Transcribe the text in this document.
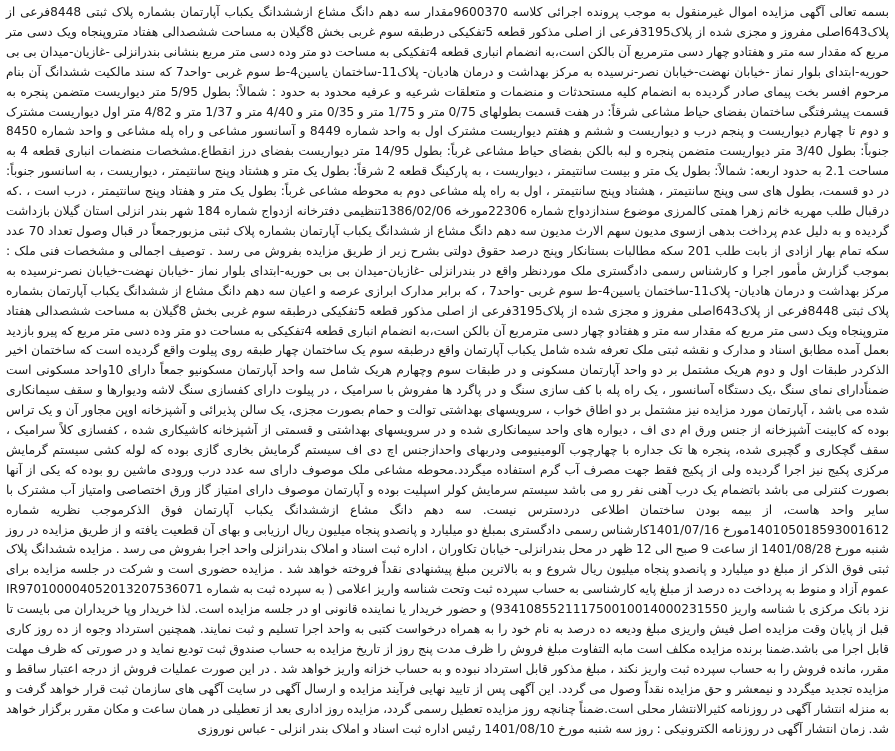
بسمه تعالی آگهی مزایده اموال غیرمنقول به موجب پرونده اجرائی کلاسه 9600370مقدار سه دهم دانگ مشاع ازششدانگ یکباب آپارتمان بشماره پلاک ثبتی 8448فرعی از پلاک643اصلی مفروز و مجزی شده از پلاک3195فرعی از اصلی مذکور قطعه 5تفکیکی درطبقه سوم غربی بخش 8گیلان به مساحت ششصدالی هفتاد متروپنجاه ویک دسی متر مربع که مقدار سه متر و هفتادو چهار دسی مترمربع آن بالکن است،به انضمام انباری قطعه 4تفکیکی به مساحت دو متر وده دسی متر مربع بنشانی بندرانزلی -غازیان-میدان بی بی حوریه-ابتدای بلوار نماز -خیابان نهضت-خیابان نصر-نرسیده به مرکز بهداشت و درمان هادیان- پلاک11-ساختمان یاسین4-ط سوم غربی -واحد7 که سند مالکیت ششدانگ آن بنام مرحوم افسر بخت پیمای صادر گردیده به انضمام کلیه مستحدثات و منضمات و متعلقات شرعیه و عرفیه محدود به حدود : شمالاً: بطول 5/95 متر دیواریست متضمن پنجره به قسمت پیشرفتگی ساختمان بفضای حیاط مشاعی شرقاً: در هفت قسمت بطولهای 0/75 متر و 1/75 متر و 0/35 متر و 4/40 متر و 1/37 متر و 4/82 متر اول دیواریست مشترک و دوم تا چهارم دیواریست و پنجم درب و دیواریست و ششم و هفتم دیواریست مشترک اول به واحد شماره 8449 و آسانسور مشاعی و راه پله مشاعی و واحد شماره 8450 جنوباً: بطول 3/40 متر دیواریست متضمن پنجره و لبه بالکن بفضای حیاط مشاعی غرباً: بطول 14/95 متر دیواریست بفضای درز انقطاع.مشخصات منضمات انباری قطعه 4 به مساحت 2.1 به حدود اربعه: شمالاً: بطول یک متر و بیست سانتیمتر ، دیواریست ، به پارکینگ قطعه 2 شرقاً: بطول یک متر و هشتاد وپنج سانتیمتر ، دیواریست ، به اسانسور جنوباً: در دو قسمت، بطول های سی وپنج سانتیمتر ، هشتاد وپنج سانتیمتر ، اول به راه پله مشاعی دوم به محوطه مشاعی غرباً: بطول یک متر و هفتاد وپنج سانتیمتر ، درب است ، .که درقبال طلب مهریه خانم زهرا همتی کالمرزی موضوع سندازدواج شماره 22306مورخه 1386/02/06تنظیمی دفترخانه ازدواج شماره 184 شهر بندر انزلی استان گیلان بازداشت گردیده و به دلیل عدم پرداخت بدهی ازسوی مدیون سهم الارث مدیون سه دهم دانگ مشاع از ششدانگ یکباب آپارتمان بشماره پلاک ثبتی مزبورجمعاً در قبال وصول تعداد 70 عدد سکه تمام بهار ازادی از بابت طلب 201 سکه مطالبات بستانکار وپنج درصد حقوق دولتی بشرح زیر از طریق مزایده بفروش می رسد . توصیف اجمالی و مشخصات فنی ملک : بموجب گزارش مأمور اجرا و کارشناس رسمی دادگستری ملک موردنظر واقع در بندرانزلی -غازیان-میدان بی بی حوریه-ابتدای بلوار نماز -خیابان نهضت-خیابان نصر-نرسیده به مرکز بهداشت و درمان هادیان- پلاک11-ساختمان یاسین4-ط سوم غربی -واحد7 ، که برابر مدارک ابرازی عرصه و اعیان سه دهم دانگ مشاع از ششدانگ یکباب آپارتمان بشماره پلاک ثبتی 8448فرعی از پلاک643اصلی مفروز و مجزی شده از پلاک3195فرعی از اصلی مذکور قطعه 5تفکیکی درطبقه سوم غربی بخش 8گیلان به مساحت ششصدالی هفتاد متروپنجاه ویک دسی متر مربع که مقدار سه متر و هفتادو چهار دسی مترمربع آن بالکن است،به انضمام انباری قطعه 4تفکیکی به مساحت دو متر وده دسی متر مربع که پیرو بازدید بعمل آمده مطابق اسناد و مدارک و نقشه ثبتی ملک تعرفه شده شامل یکباب آپارتمان واقع درطبقه سوم یک ساختمان چهار طبقه روی پیلوت واقع گردیده است که ساختمان اخیر الذکردر طبقات اول و دوم هریک مشتمل بر دو واحد آپارتمان مسکونی و در طبقات سوم وچهارم هریک شامل سه واحد آپارتمان مسکونیو جمعاً دارای 10واحد مسکونی است ضمناًدارای نمای سنگ ،یک دستگاه آسانسور ، یک راه پله با کف سازی سنگ و در پاگرد ها مفروش با سرامیک ، در پیلوت دارای کفسازی سنگ لاشه ودیوارها و سقف سیمانکاری شده می باشد ، آپارتمان مورد مزایده نیز مشتمل بر دو اطاق خواب ، سرویسهای بهداشتی توالت و حمام بصورت مجزی، یک سالن پذیرائی و آشپزخانه اوپن مجاور آن و یک تراس بوده که کابینت آشپزخانه از جنس ورق ام دی اف ، دیواره های واحد سیمانکاری شده و در سرویسهای بهداشتی و قسمتی از آشپزخانه کاشیکاری شده ، کفسازی کلاً سرامیک ، سقف گچکاری و گچبری شده، پنجره ها تک جداره با چهارچوب آلومینیومی ودربهای واحدازجنس اچ دی اف سیستم گرمایش بخاری گازی بوده که لوله کشی سیستم گرمایش مرکزی پکیج نیز اجرا گردیده ولی از پکیج فقط جهت مصرف آب گرم استفاده میگردد.محوطه مشاعی ملک موصوف دارای سه عدد درب ورودی ماشین رو بوده که یکی از آنها بصورت کنترلی می باشد باتضمام یک درب آهنی نفر رو می باشد سیستم سرمایش کولر اسپلیت بوده و آپارتمان موصوف دارای امتیاز گاز ورق اختصاصی وامتیاز آب مشترک با سایر واحد هاست، از بیمه بودن ساختمان اطلاعی دردسترس نیست. سه دهم دانگ مشاع ازششدانگ یکباب آپارتمان فوق الذکرموجب نظریه شماره 140105018593001612مورخ 1401/07/16کارشناس رسمی دادگستری بمبلغ دو میلیارد و پانصدو پنجاه میلیون ریال ارزیابی و بهای آن قطعیت یافته و از طریق مزایده در روز شنبه مورخ 1401/08/28 از ساعت 9 صبح الی 12 ظهر در محل بندرانزلی- خیابان تکاوران ، اداره ثبت اسناد و املاک بندرانزلی واحد اجرا بفروش می رسد . مزایده ششدانگ پلاک ثبتی فوق الذکر از مبلغ دو میلیارد و پانصدو پنجاه میلیون ریال شروع و به بالاترین مبلغ پیشنهادی نقداً فروخته خواهد شد . مزایده حضوری است و شرکت در جلسه مزایده برای عموم آزاد و منوط به پرداخت ده درصد از مبلغ پایه کارشناسی به حساب سپرده ثبت وتحت شناسه واریز اعلامی ( به سپرده ثبت به شماره IR970100004052013207536071 نزد بانک مرکزی با شناسه واریز 934108552111750010014000231550) و حضور خریدار یا نماینده قانونی او در جلسه مزایده است. لذا خریدار وپا خریداران می بایست تا قبل از پایان وقت مزایده اصل فیش واریزی مبلغ ودیعه ده درصد به نام خود را به همراه درخواست کتبی به واحد اجرا تسلیم و ثبت نمایند. همچنین استرداد وجوه از ده روز کاری قابل اجرا می باشد.ضمنا برنده مزایده مکلف است مابه التفاوت مبلغ فروش را ظرف مدت پنج روز از تاریخ مزایده به حساب صندوق ثبت تودیع نماید و در صورتی که ظرف مهلت مقرر، مانده فروش را به حساب سپرده ثبت واریز نکند ، مبلغ مذکور قابل استرداد نبوده و به حساب خزانه واریز خواهد شد . در این صورت عملیات فروش از درجه اعتبار ساقط و مزایده تجدید میگردد و نیمعشر و حق مزایده نقداً وصول می گردد. این آگهی پس از تایید نهایی فرآیند مزایده و ارسال آگهی در سایت آگهی های سازمان ثبت قرار خواهد گرفت و به منزله انتشار آگهی در روزنامه کثیرالانتشار محلی است.ضمناً چنانچه روز مزایده تعطیل رسمی گردد، مزایده روز اداری بعد از تعطیلی در همان ساعت و مکان مقرر برگزار خواهد شد. زمان انتشار آگهی در روزنامه الکترونیکی : روز سه شنبه مورخ 1401/08/10 رئیس اداره ثبت اسناد و املاک بندر انزلی - عباس نوروزی
